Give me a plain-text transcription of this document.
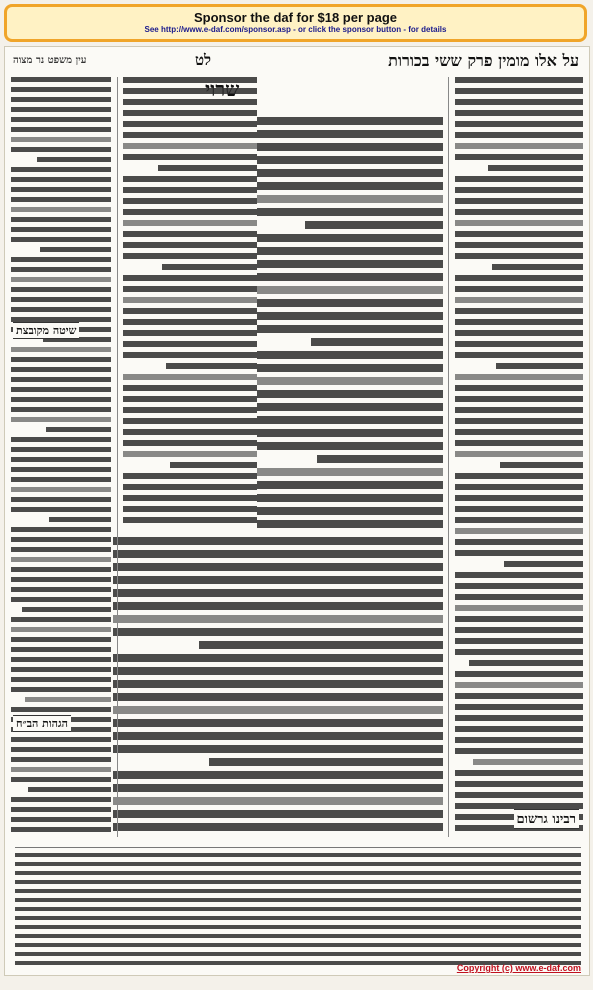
Sponsor the daf for $18 per page
See http://www.e-daf.com/sponsor.asp - or click the sponsor button - for details
על אלו מומין פרק ששי בכורות
לט
עין משפט נר מצוה
שיטה מקובצת
הגהות הב״ח
רבינו גרשום
Copyright (c) www.e-daf.com
